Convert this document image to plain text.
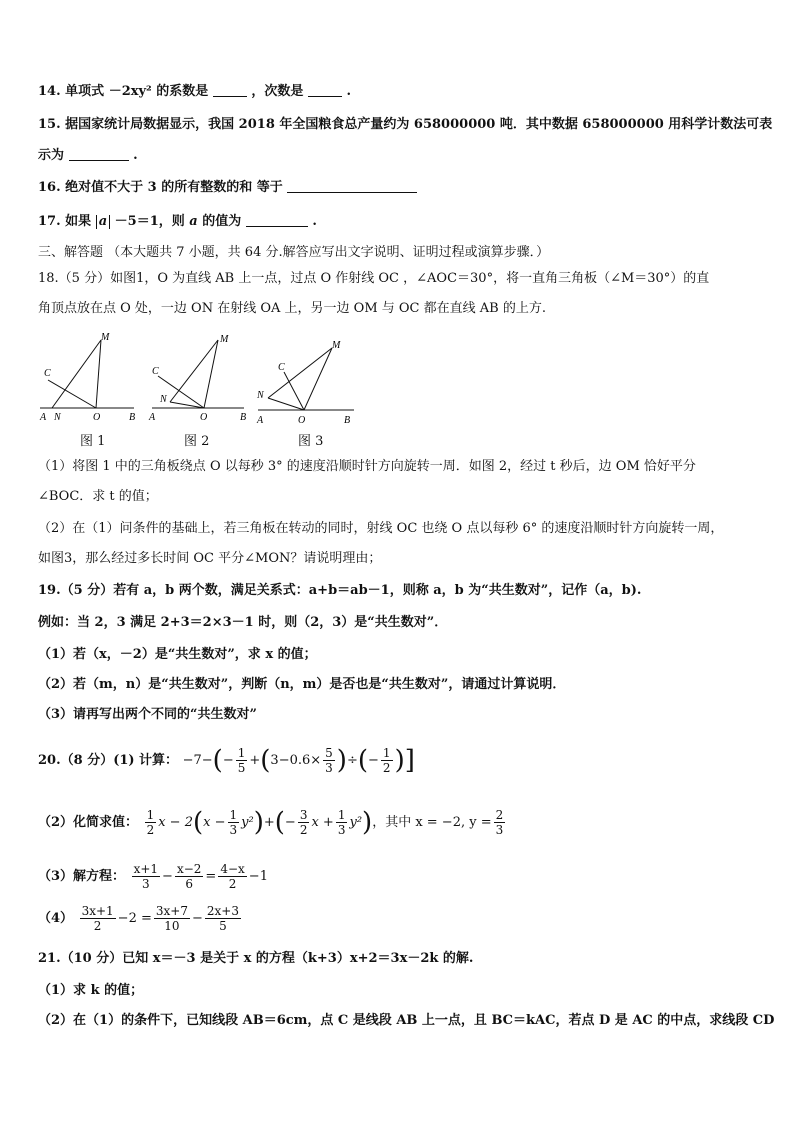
14. 单项式 －2xy² 的系数是	，次数是	.
15. 据国家统计局数据显示，我国 2018 年全国粮食总产量约为 658000000 吨．其中数据 658000000 用科学计数法可表
示为	.
16. 绝对值不大于 3 的所有整数的和 等于
17. 如果 a －5＝1，则 a 的值为	.
三、解答题 （本大题共 7 小题，共 64 分.解答应写出文字说明、证明过程或演算步骤．）
18.（5 分）如图1，O 为直线 AB 上一点，过点 O 作射线 OC ，∠AOC＝30°，将一直角三角板（∠M＝30°）的直
角顶点放在点 O 处，一边 ON 在射线 OA 上，另一边 OM 与 OC 都在直线 AB 的上方.
A N	O	B
C
M
A
N
O	B
C
M
A
N
O	B
C
M
图 1	图 2	图 3
（1）将图 1 中的三角板绕点 O 以每秒 3° 的速度沿顺时针方向旋转一周．如图 2，经过 t 秒后，边 OM 恰好平分
∠BOC．求 t 的值；
（2）在（1）问条件的基础上，若三角板在转动的同时，射线 OC 也绕 O 点以每秒 6° 的速度沿顺时针方向旋转一周，
如图3，那么经过多长时间 OC 平分∠MON？请说明理由；
19.（5 分）若有 a，b 两个数，满足关系式：a+b＝ab－1，则称 a，b 为“共生数对”，记作（a，b).
例如：当 2，3 满足 2+3＝2×3－1 时，则（2，3）是“共生数对”．
（1）若（x，－2）是“共生数对”，求 x 的值；
（2）若（m，n）是“共生数对”，判断（n，m）是否也是“共生数对”，请通过计算说明．
（3）请再写出两个不同的“共生数对”
20.（8 分）(1) 计算： $-7-(- \frac{1}{5} +(3-0.6\times \frac{5}{3}$ )÷(− $\frac{1}{2}$ )]
（2）化简求值： $\frac{1}{2}$ $x - 2(x - \frac{1}{3} y^2)+(- \frac{3}{2}$ $x + \frac{1}{3} y^2$)，其中 x = −2, $y = \frac{2}{3}$
（3）解方程： $\frac{x+1}{3} - \frac{x-2}{6} = \frac{4-x}{2} -1$
$(4) \frac{3x+1}{2} -2 = \frac{3x+7}{10} - \frac{2x+3}{5}$
21.（10 分）已知 x＝－3 是关于 x 的方程（k+3）x+2＝3x－2k 的解.
（1）求 k 的值；
（2）在（1）的条件下，已知线段 AB＝6cm，点 C 是线段 AB 上一点，且 BC＝kAC，若点 D 是 AC 的中点，求线段 CD
